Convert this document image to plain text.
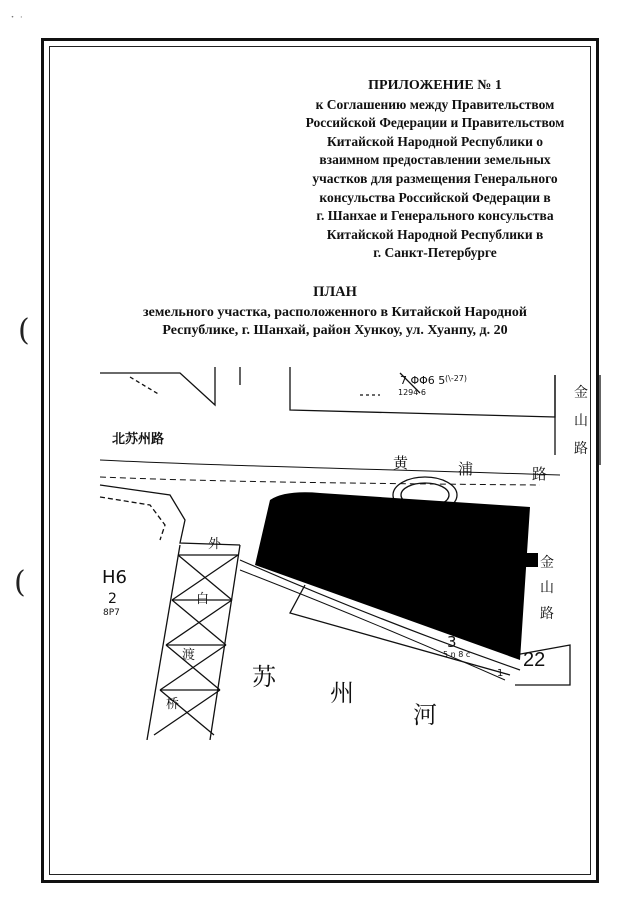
・ ·
ПРИЛОЖЕНИЕ № 1
к Соглашению между Правительством
Российской Федерации и Правительством
Китайской Народной Республики о
взаимном предоставлении земельных
участков для размещения Генерального
консульства Российской Федерации в
г. Шанхае и Генерального консульства
Китайской Народной Республики в
г. Санкт-Петербурге
ПЛАН
земельного участка, расположенного в Китайской Народной
Республике, г. Шанхай, район Хункоу, ул. Хуанпу, д. 20
(
(
北苏州路
黄	浦	路
金
山
路
金
山
路
外
白
渡
桥
苏
州
河
H6
2
8P7
7 ΦΦ6 5
1294 6
(\-27)
3
5 n 8 c
1
22
